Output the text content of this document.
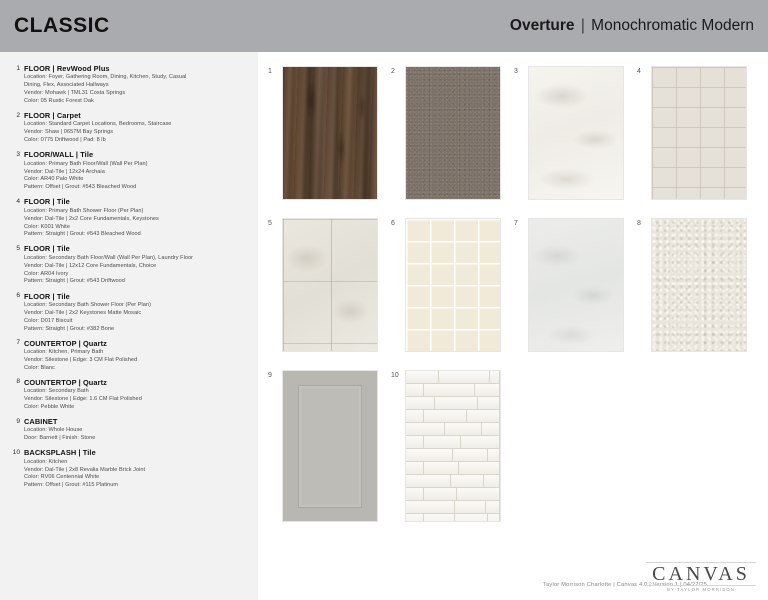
CLASSIC	Overture | Monochromatic Modern
1 FLOOR | RevWood Plus
Location: Foyer, Gathering Room, Dining, Kitchen, Study, Casual
Dining, Flex, Associated Hallways
Vendor: Mohawk | TML31 Costa Springs
Color: 05 Rustic Forest Oak
2 FLOOR | Carpet
Location: Standard Carpet Locations, Bedrooms, Staircase
Vendor: Shaw | 0657M Bay Springs
Color: 0775 Driftwood | Pad: 8 lb
3 FLOOR/WALL | Tile
Location: Primary Bath Floor/Wall (Wall Per Plan)
Vendor: Dal-Tile | 12x24 Archaia
Color: AR40 Palo White
Pattern: Offset | Grout: #543 Bleached Wood
4 FLOOR | Tile
Location: Primary Bath Shower Floor (Per Plan)
Vendor: Dal-Tile | 2x2 Core Fundamentals, Keystones
Color: K001 White
Pattern: Straight | Grout: #543 Bleached Wood
5 FLOOR | Tile
Location: Secondary Bath Floor/Wall (Wall Per Plan), Laundry Floor
Vendor: Dal-Tile | 12x12 Core Fundamentals, Choice
Color: AR04 Ivory
Pattern: Straight | Grout: #543 Driftwood
6 FLOOR | Tile
Location: Secondary Bath Shower Floor (Per Plan)
Vendor: Dal-Tile | 2x2 Keystones Matte Mosaic
Color: D017 Biscuit
Pattern: Straight | Grout: #382 Bone
7 COUNTERTOP | Quartz
Location: Kitchen, Primary Bath
Vendor: Silestone | Edge: 3 CM Flat Polished
Color: Blanc
8 COUNTERTOP | Quartz
Location: Secondary Bath
Vendor: Silestone | Edge: 1.6 CM Flat Polished
Color: Pebble White
9 CABINET
Location: Whole House
Door: Barnett | Finish: Stone
10 BACKSPLASH | Tile
Location: Kitchen
Vendor: Dal-Tile | 2x8 Revalia Marble Brick Joint
Color: RV06 Centennial White
Pattern: Offset | Grout: #115 Platinum
1	2	3	4
5	6	7	8
9	10
Taylor Morrison Charlotte | Canvas 4.0 | Version 1 | 04/22/25
CANVAS
BY TAYLOR MORRISON
